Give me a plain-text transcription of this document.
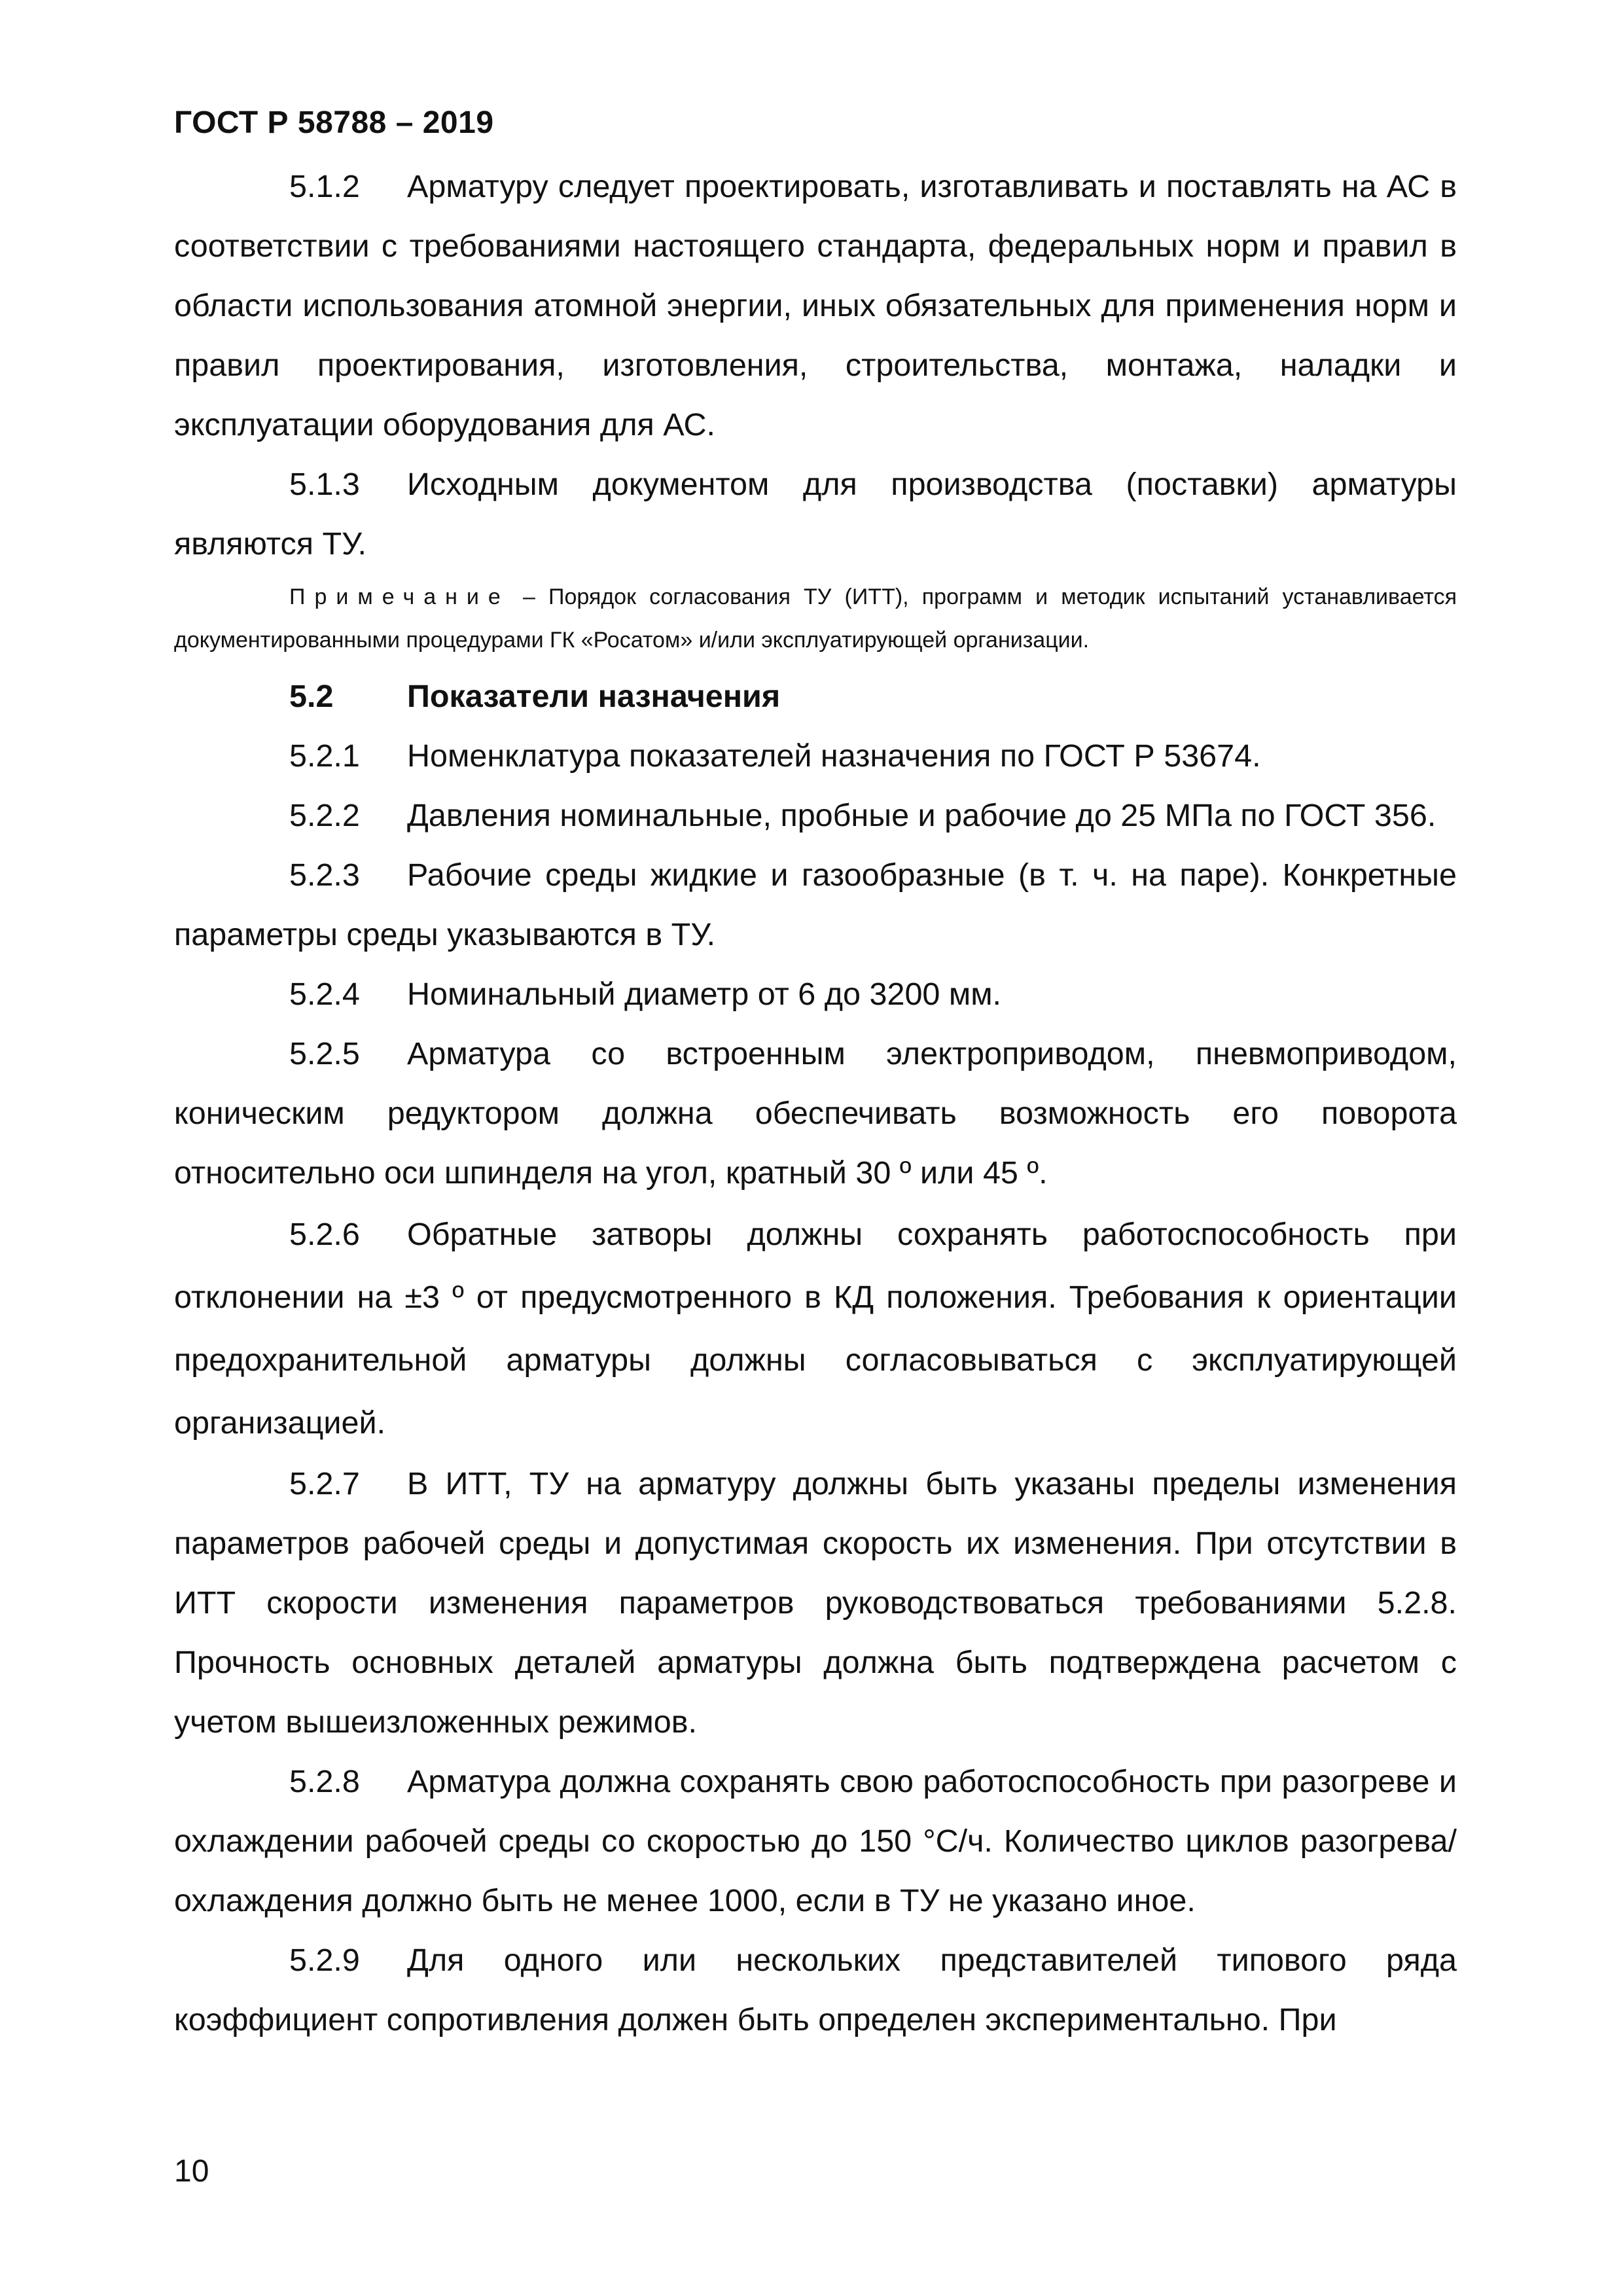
ГОСТ Р 58788 – 2019

5.1.2 Арматуру следует проектировать, изготавливать и поставлять на АС в соответствии с требованиями настоящего стандарта, федеральных норм и правил в области использования атомной энергии, иных обязательных для применения норм и правил проектирования, изготовления, строительства, монтажа, наладки и эксплуатации оборудования для АС.

5.1.3 Исходным документом для производства (поставки) арматуры являются ТУ.

Примечание – Порядок согласования ТУ (ИТТ), программ и методик испытаний устанавливается документированными процедурами ГК «Росатом» и/или эксплуатирующей организации.

5.2 Показатели назначения

5.2.1 Номенклатура показателей назначения по ГОСТ Р 53674.

5.2.2 Давления номинальные, пробные и рабочие до 25 МПа по ГОСТ 356.

5.2.3 Рабочие среды жидкие и газообразные (в т. ч. на паре). Конкретные параметры среды указываются в ТУ.

5.2.4 Номинальный диаметр от 6 до 3200 мм.

5.2.5 Арматура со встроенным электроприводом, пневмоприводом, коническим редуктором должна обеспечивать возможность его поворота относительно оси шпинделя на угол, кратный 30 º или 45 º.

5.2.6 Обратные затворы должны сохранять работоспособность при отклонении на ±3 º от предусмотренного в КД положения. Требования к ориентации предохранительной арматуры должны согласовываться с эксплуатирующей организацией.

5.2.7 В ИТТ, ТУ на арматуру должны быть указаны пределы изменения параметров рабочей среды и допустимая скорость их изменения. При отсутствии в ИТТ скорости изменения параметров руководствоваться требованиями 5.2.8. Прочность основных деталей арматуры должна быть подтверждена расчетом с учетом вышеизложенных режимов.

5.2.8 Арматура должна сохранять свою работоспособность при разогреве и охлаждении рабочей среды со скоростью до 150 °С/ч. Количество циклов разогрева/охлаждения должно быть не менее 1000, если в ТУ не указано иное.

5.2.9 Для одного или нескольких представителей типового ряда коэффициент сопротивления должен быть определен экспериментально. При

10
